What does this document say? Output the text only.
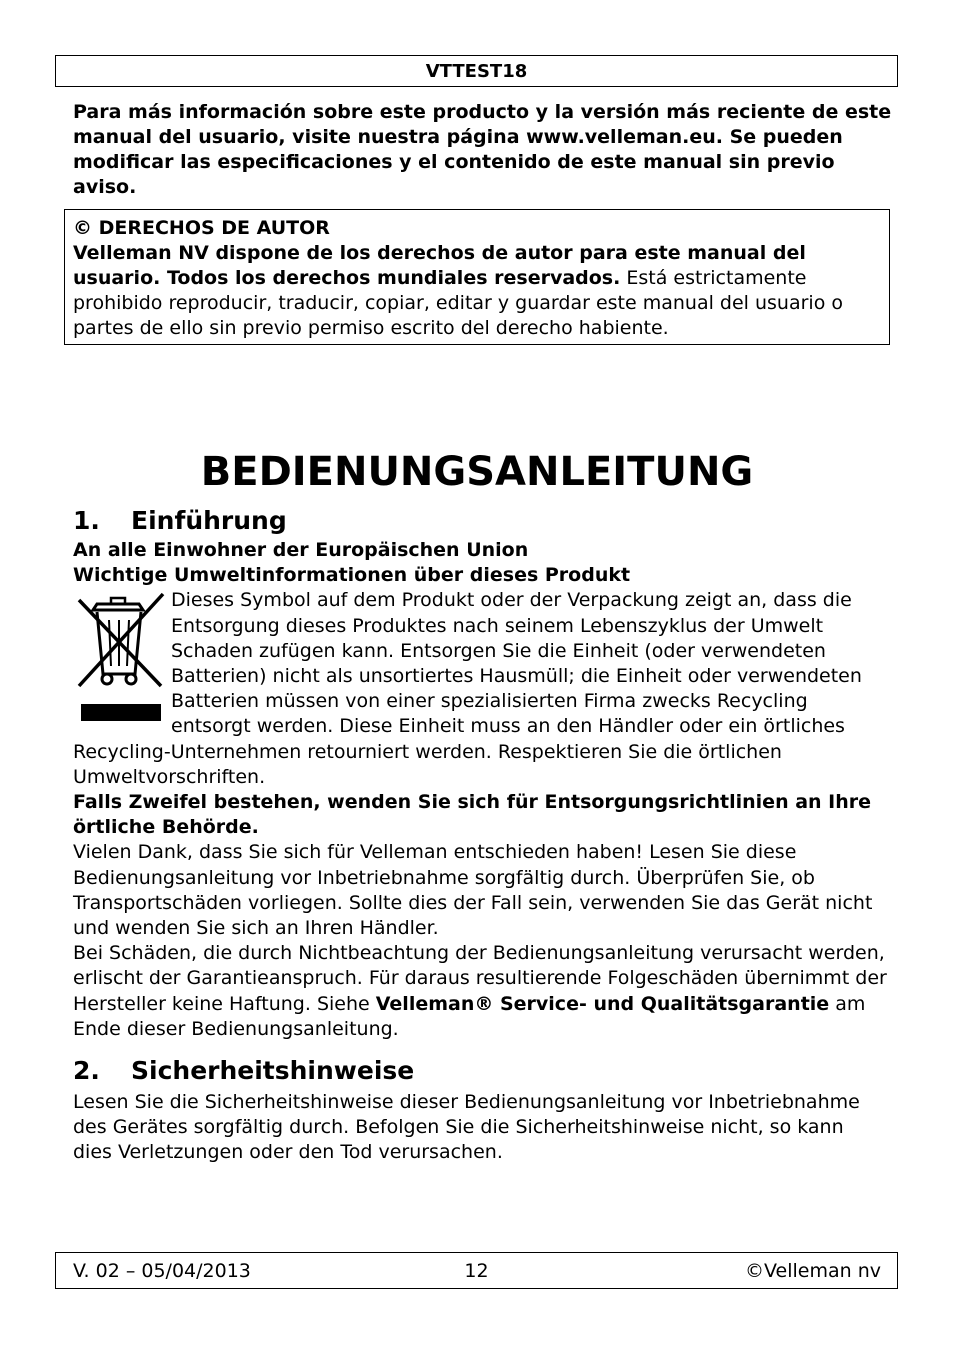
VTTEST18

Para más información sobre este producto y la versión más reciente de este manual del usuario, visite nuestra página www.velleman.eu. Se pueden modificar las especificaciones y el contenido de este manual sin previo aviso.

© DERECHOS DE AUTOR

Velleman NV dispone de los derechos de autor para este manual del usuario. Todos los derechos mundiales reservados. Está estrictamente prohibido reproducir, traducir, copiar, editar y guardar este manual del usuario o partes de ello sin previo permiso escrito del derecho habiente.

BEDIENUNGSANLEITUNG
1. Einführung

An alle Einwohner der Europäischen Union

Wichtige Umweltinformationen über dieses Produkt

Dieses Symbol auf dem Produkt oder der Verpackung zeigt an, dass die Entsorgung dieses Produktes nach seinem Lebenszyklus der Umwelt Schaden zufügen kann. Entsorgen Sie die Einheit (oder verwendeten Batterien) nicht als unsortiertes Hausmüll; die Einheit oder verwendeten Batterien müssen von einer spezialisierten Firma zwecks Recycling entsorgt werden. Diese Einheit muss an den Händler oder ein örtliches Recycling-Unternehmen retourniert werden. Respektieren Sie die örtlichen Umweltvorschriften.

Falls Zweifel bestehen, wenden Sie sich für Entsorgungsrichtlinien an Ihre örtliche Behörde.

Vielen Dank, dass Sie sich für Velleman entschieden haben! Lesen Sie diese Bedienungsanleitung vor Inbetriebnahme sorgfältig durch. Überprüfen Sie, ob Transportschäden vorliegen. Sollte dies der Fall sein, verwenden Sie das Gerät nicht und wenden Sie sich an Ihren Händler.

Bei Schäden, die durch Nichtbeachtung der Bedienungsanleitung verursacht werden, erlischt der Garantieanspruch. Für daraus resultierende Folgeschäden übernimmt der Hersteller keine Haftung. Siehe Velleman® Service- und Qualitätsgarantie am Ende dieser Bedienungsanleitung.

2. Sicherheitshinweise

Lesen Sie die Sicherheitshinweise dieser Bedienungsanleitung vor Inbetriebnahme des Gerätes sorgfältig durch. Befolgen Sie die Sicherheitshinweise nicht, so kann dies Verletzungen oder den Tod verursachen.

V. 02 – 05/04/2013	12	©Velleman nv
